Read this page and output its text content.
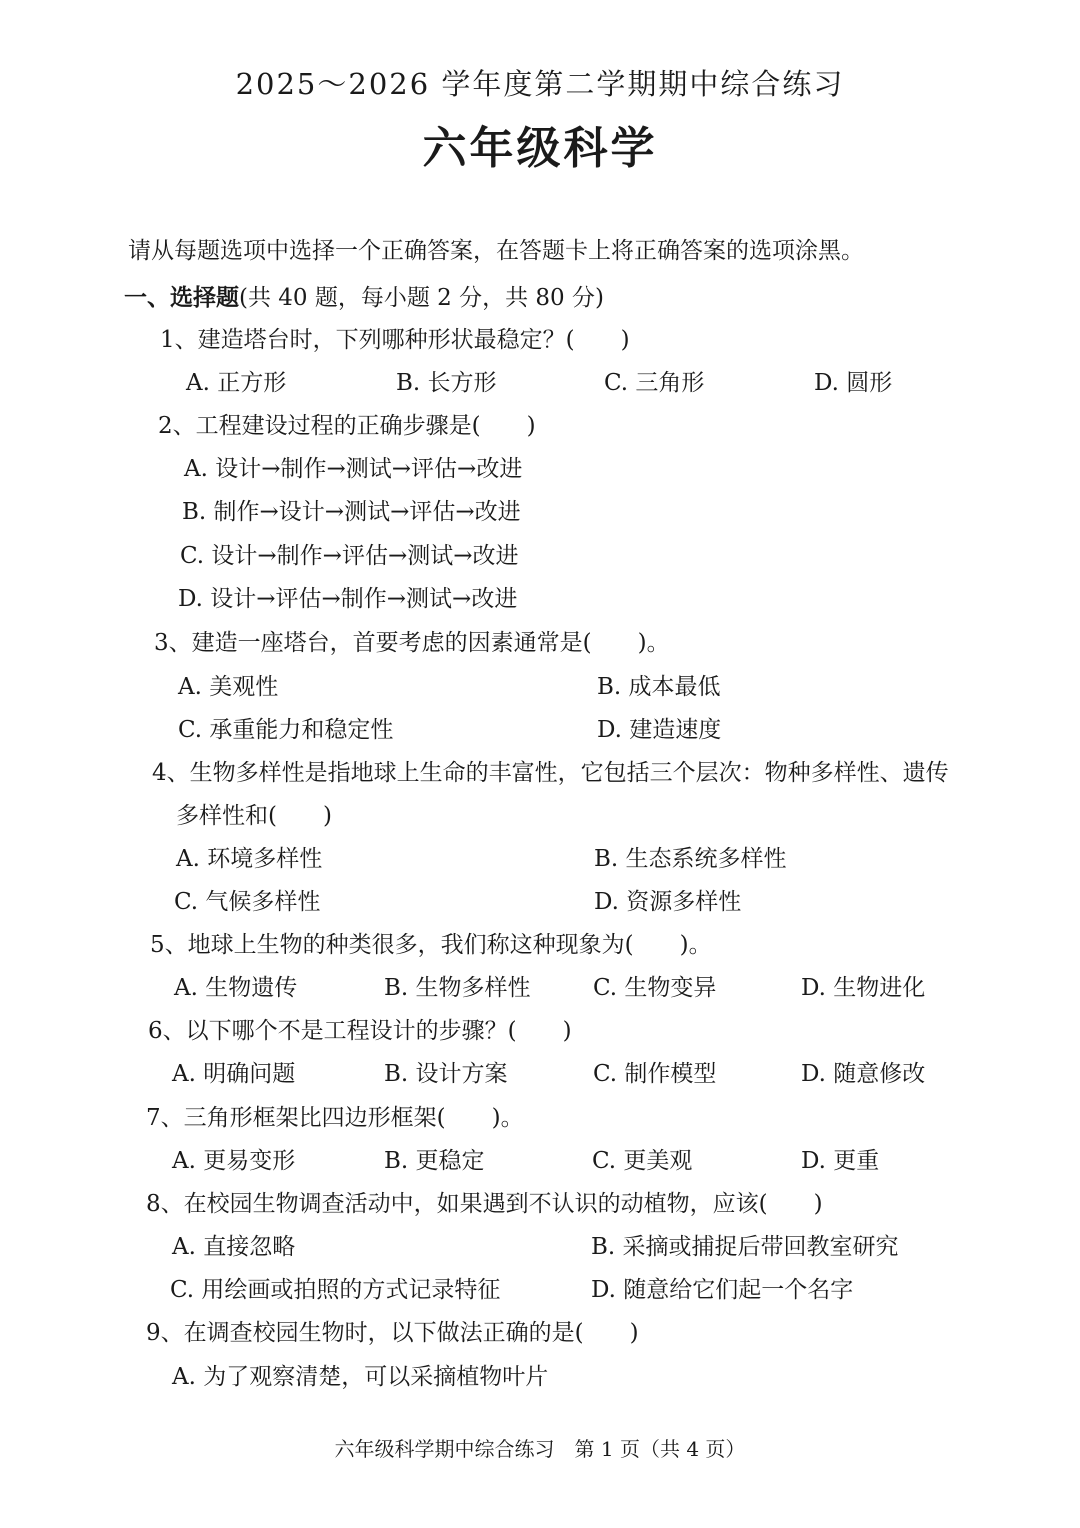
2025～2026 学年度第二学期期中综合练习
六年级科学
请从每题选项中选择一个正确答案，在答题卡上将正确答案的选项涂黑。
一、选择题(共 40 题，每小题 2 分，共 80 分)
1、建造塔台时，下列哪种形状最稳定？(　　)
A. 正方形	B. 长方形	C. 三角形	D. 圆形
2、工程建设过程的正确步骤是(　　)
A. 设计→制作→测试→评估→改进
B. 制作→设计→测试→评估→改进
C. 设计→制作→评估→测试→改进
D. 设计→评估→制作→测试→改进
3、建造一座塔台，首要考虑的因素通常是(　　)。
A. 美观性	B. 成本最低
C. 承重能力和稳定性	D. 建造速度
4、生物多样性是指地球上生命的丰富性，它包括三个层次：物种多样性、遗传
多样性和(　　)
A. 环境多样性	B. 生态系统多样性
C. 气候多样性	D. 资源多样性
5、地球上生物的种类很多，我们称这种现象为(　　)。
A. 生物遗传	B. 生物多样性	C. 生物变异	D. 生物进化
6、以下哪个不是工程设计的步骤？(　　)
A. 明确问题	B. 设计方案	C. 制作模型	D. 随意修改
7、三角形框架比四边形框架(　　)。
A. 更易变形	B. 更稳定	C. 更美观	D. 更重
8、在校园生物调查活动中，如果遇到不认识的动植物，应该(　　)
A. 直接忽略	B. 采摘或捕捉后带回教室研究
C. 用绘画或拍照的方式记录特征	D. 随意给它们起一个名字
9、在调查校园生物时，以下做法正确的是(　　)
A. 为了观察清楚，可以采摘植物叶片
六年级科学期中综合练习　第 1 页（共 4 页）
